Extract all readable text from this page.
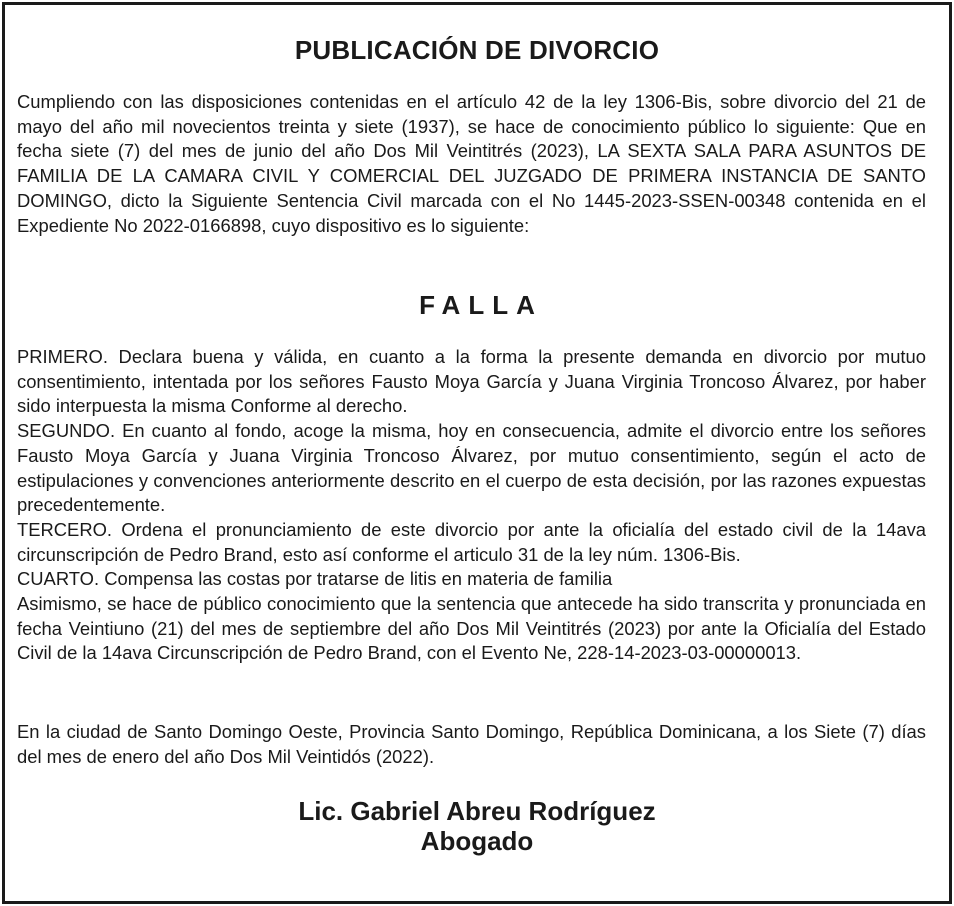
PUBLICACIÓN DE DIVORCIO

Cumpliendo con las disposiciones contenidas en el artículo 42 de la ley 1306-Bis, sobre divorcio del 21 de mayo del año mil novecientos treinta y siete (1937), se hace de conocimiento público lo siguiente: Que en fecha siete (7) del mes de junio del año Dos Mil Veintitrés (2023), LA SEXTA SALA PARA ASUNTOS DE FAMILIA DE LA CAMARA CIVIL Y COMERCIAL DEL JUZGADO DE PRIMERA INSTANCIA DE SANTO DOMINGO, dicto la Siguiente Sentencia Civil marcada con el No 1445-2023-SSEN-00348 contenida en el Expediente No 2022-0166898, cuyo dispositivo es lo siguiente:

FALLA

PRIMERO. Declara buena y válida, en cuanto a la forma la presente demanda en divorcio por mutuo consentimiento, intentada por los señores Fausto Moya García y Juana Virginia Troncoso Álvarez, por haber sido interpuesta la misma Conforme al derecho.

SEGUNDO. En cuanto al fondo, acoge la misma, hoy en consecuencia, admite el divorcio entre los señores Fausto Moya García y Juana Virginia Troncoso Álvarez, por mutuo consentimiento, según el acto de estipulaciones y convenciones anteriormente descrito en el cuerpo de esta decisión, por las razones expuestas precedentemente.

TERCERO. Ordena el pronunciamiento de este divorcio por ante la oficialía del estado civil de la 14ava circunscripción de Pedro Brand, esto así conforme el articulo 31 de la ley núm. 1306-Bis.

CUARTO. Compensa las costas por tratarse de litis en materia de familia

Asimismo, se hace de público conocimiento que la sentencia que antecede ha sido transcrita y pronunciada en fecha Veintiuno (21) del mes de septiembre del año Dos Mil Veintitrés (2023) por ante la Oficialía del Estado Civil de la 14ava Circunscripción de Pedro Brand, con el Evento Ne, 228-14-2023-03-00000013.

En la ciudad de Santo Domingo Oeste, Provincia Santo Domingo, República Dominicana, a los Siete (7) días del mes de enero del año Dos Mil Veintidós (2022).

Lic. Gabriel Abreu Rodríguez
Abogado
